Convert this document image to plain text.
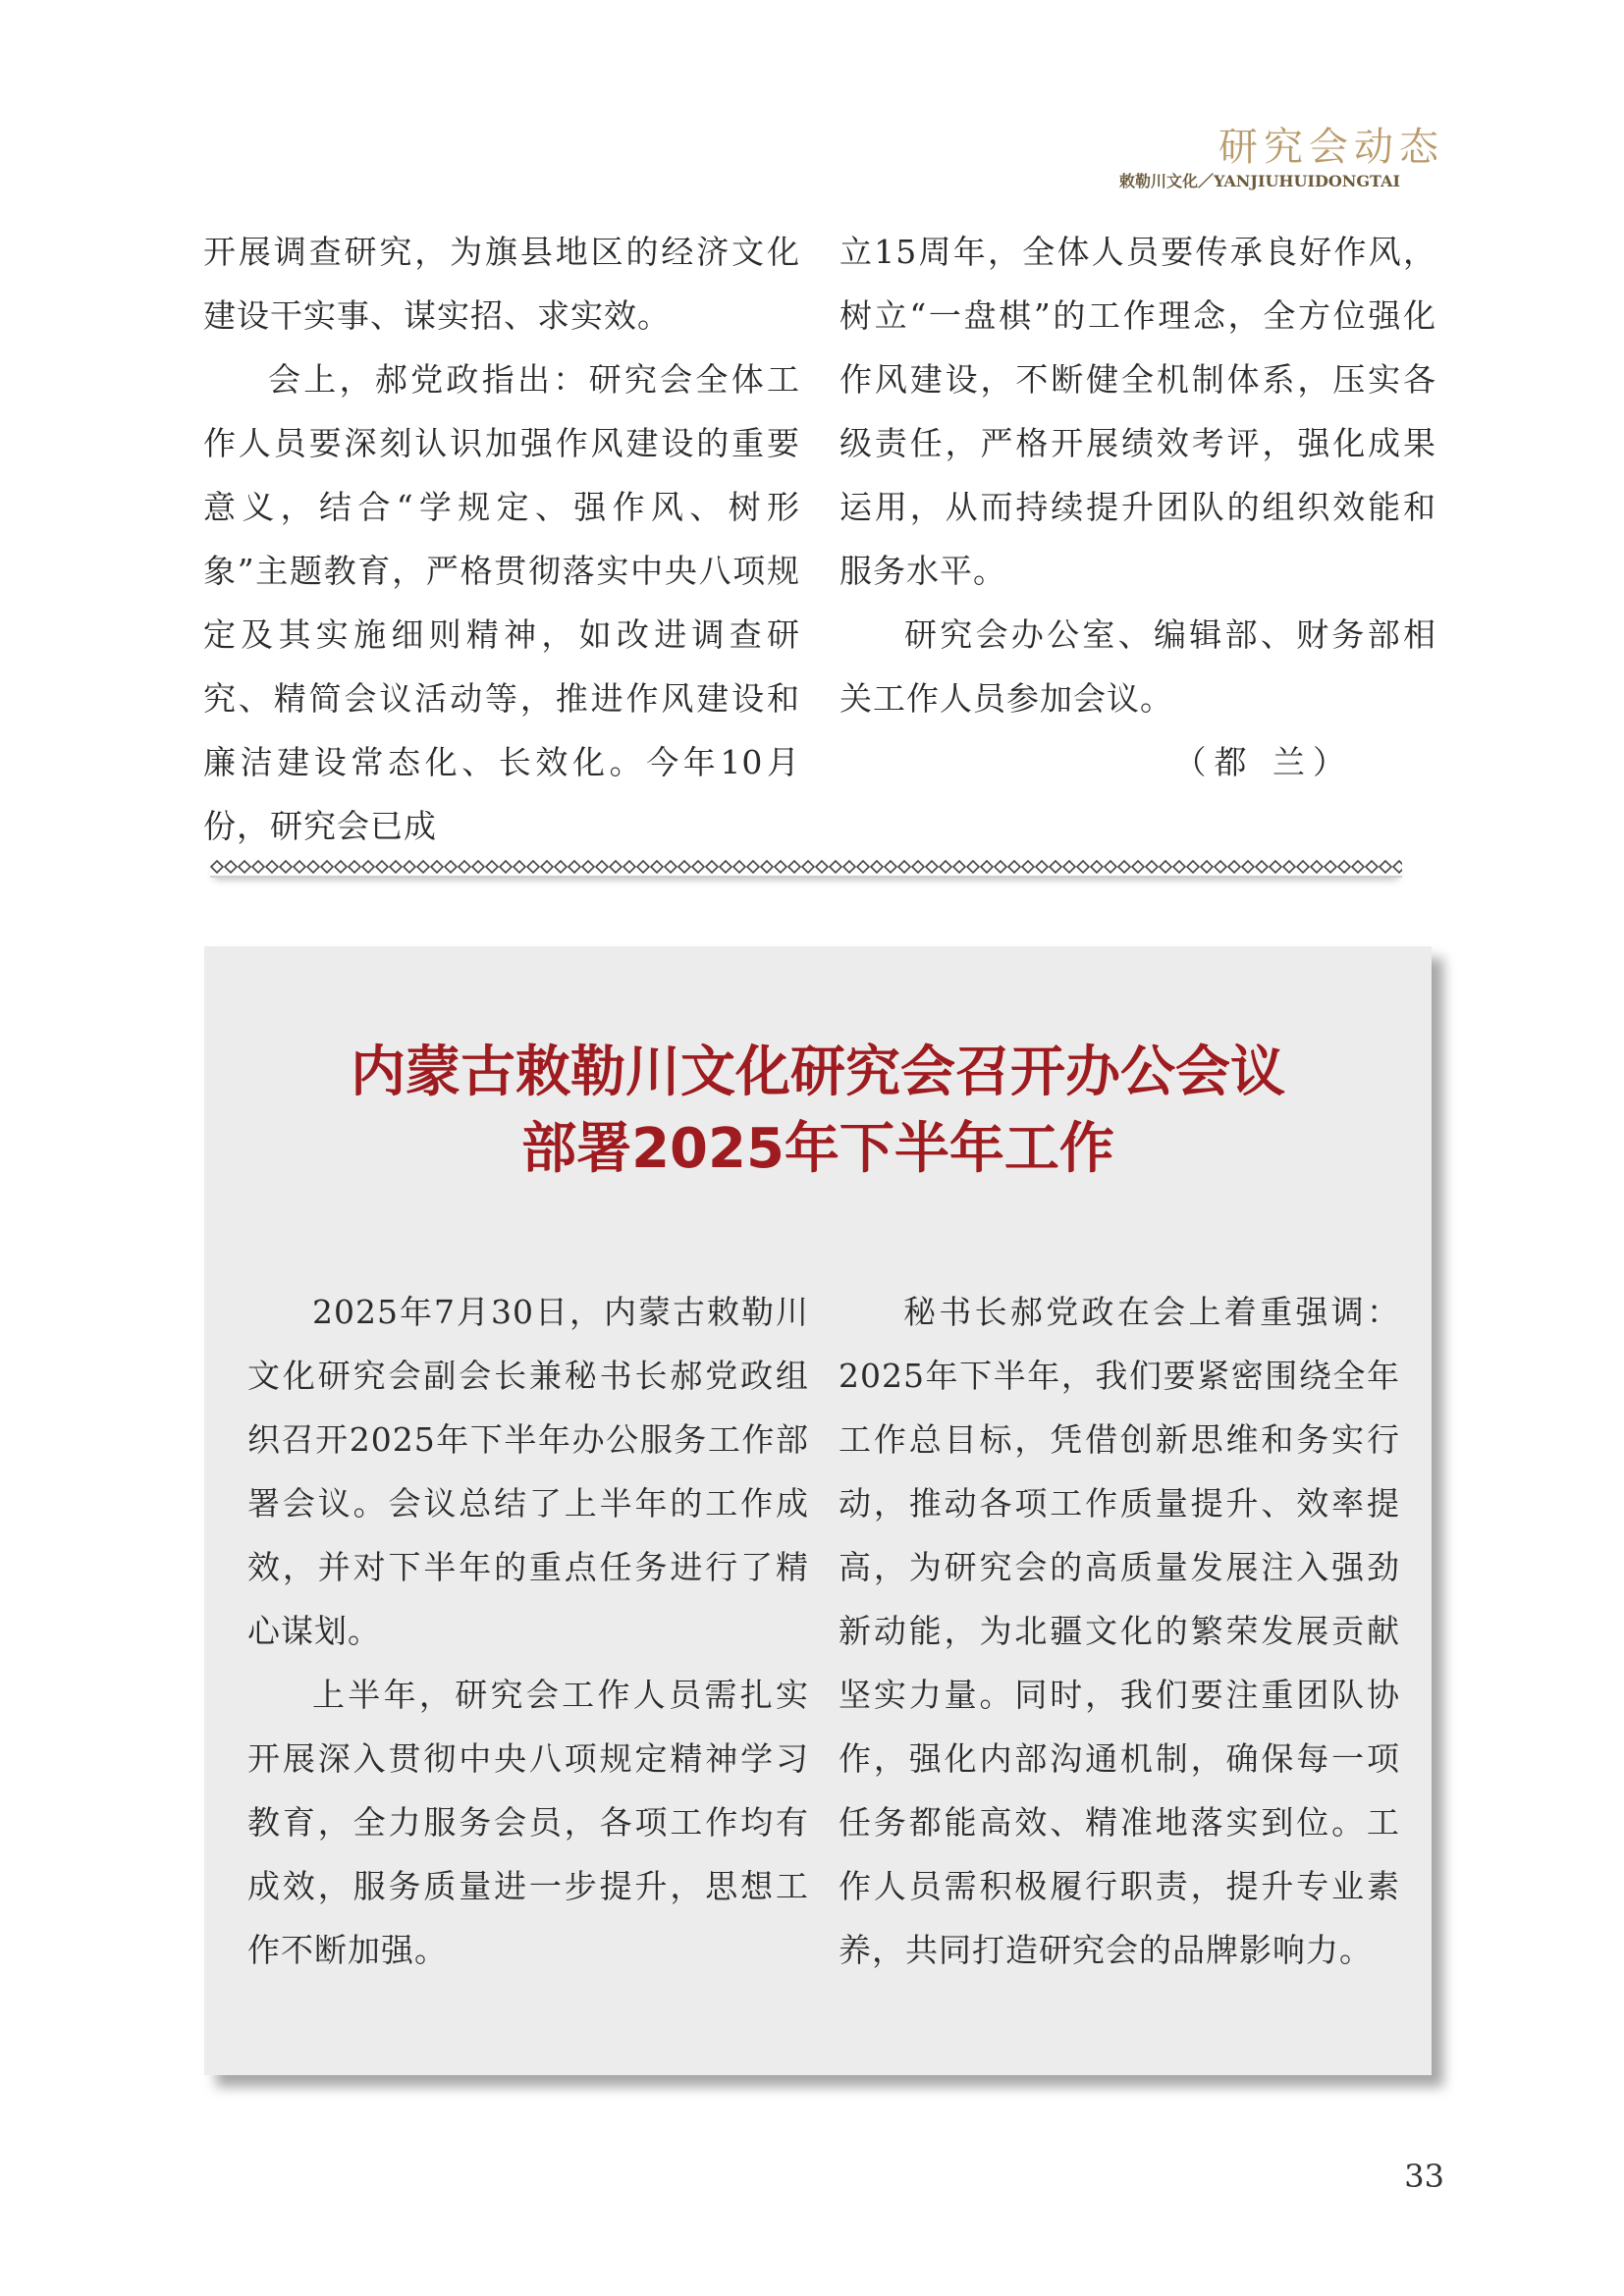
研究会动态
敕勒川文化／YANJIUHUIDONGTAI

开展调查研究，为旗县地区的经济文化建设干实事、谋实招、求实效。

会上，郝党政指出：研究会全体工作人员要深刻认识加强作风建设的重要意义，结合“学规定、强作风、树形象”主题教育，严格贯彻落实中央八项规定及其实施细则精神，如改进调查研究、精简会议活动等，推进作风建设和廉洁建设常态化、长效化。今年10月份，研究会已成

立15周年，全体人员要传承良好作风，树立“一盘棋”的工作理念，全方位强化作风建设，不断健全机制体系，压实各级责任，严格开展绩效考评，强化成果运用，从而持续提升团队的组织效能和服务水平。

研究会办公室、编辑部、财务部相关工作人员参加会议。

（都 兰）

内蒙古敕勒川文化研究会召开办公会议
部署2025年下半年工作

2025年7月30日，内蒙古敕勒川文化研究会副会长兼秘书长郝党政组织召开2025年下半年办公服务工作部署会议。会议总结了上半年的工作成效，并对下半年的重点任务进行了精心谋划。

上半年，研究会工作人员需扎实开展深入贯彻中央八项规定精神学习教育，全力服务会员，各项工作均有成效，服务质量进一步提升，思想工作不断加强。

秘书长郝党政在会上着重强调：2025年下半年，我们要紧密围绕全年工作总目标，凭借创新思维和务实行动，推动各项工作质量提升、效率提高，为研究会的高质量发展注入强劲新动能，为北疆文化的繁荣发展贡献坚实力量。同时，我们要注重团队协作，强化内部沟通机制，确保每一项任务都能高效、精准地落实到位。工作人员需积极履行职责，提升专业素养，共同打造研究会的品牌影响力。

33
